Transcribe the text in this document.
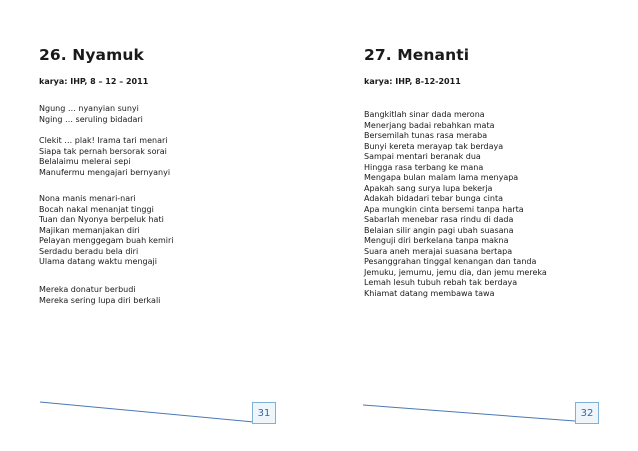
26. Nyamuk

karya: IHP, 8 – 12 – 2011

Ngung … nyanyian sunyi
Nging … seruling bidadari
Clekit … plak! Irama tari menari
Siapa tak pernah bersorak sorai
Belalaimu melerai sepi
Manufermu mengajari bernyanyi
Nona manis menari-nari
Bocah nakal menanjat tinggi
Tuan dan Nyonya berpeluk hati
Majikan memanjakan diri
Pelayan menggegam buah kemiri
Serdadu beradu bela diri
Ulama datang waktu mengaji
Mereka donatur berbudi
Mereka sering lupa diri berkali
31
27. Menanti

karya: IHP, 8-12-2011

Bangkitlah sinar dada merona
Menerjang badai rebahkan mata
Bersemilah tunas rasa meraba
Bunyi kereta merayap tak berdaya
Sampai mentari beranak dua
Hingga rasa terbang ke mana
Mengapa bulan malam lama menyapa
Apakah sang surya lupa bekerja
Adakah bidadari tebar bunga cinta
Apa mungkin cinta bersemi tanpa harta
Sabarlah menebar rasa rindu di dada
Belaian silir angin pagi ubah suasana
Menguji diri berkelana tanpa makna
Suara aneh merajai suasana bertapa
Pesanggrahan tinggal kenangan dan tanda
Jemuku, jemumu, jemu dia, dan jemu mereka
Lemah lesuh tubuh rebah tak berdaya
Khiamat datang membawa tawa
32
